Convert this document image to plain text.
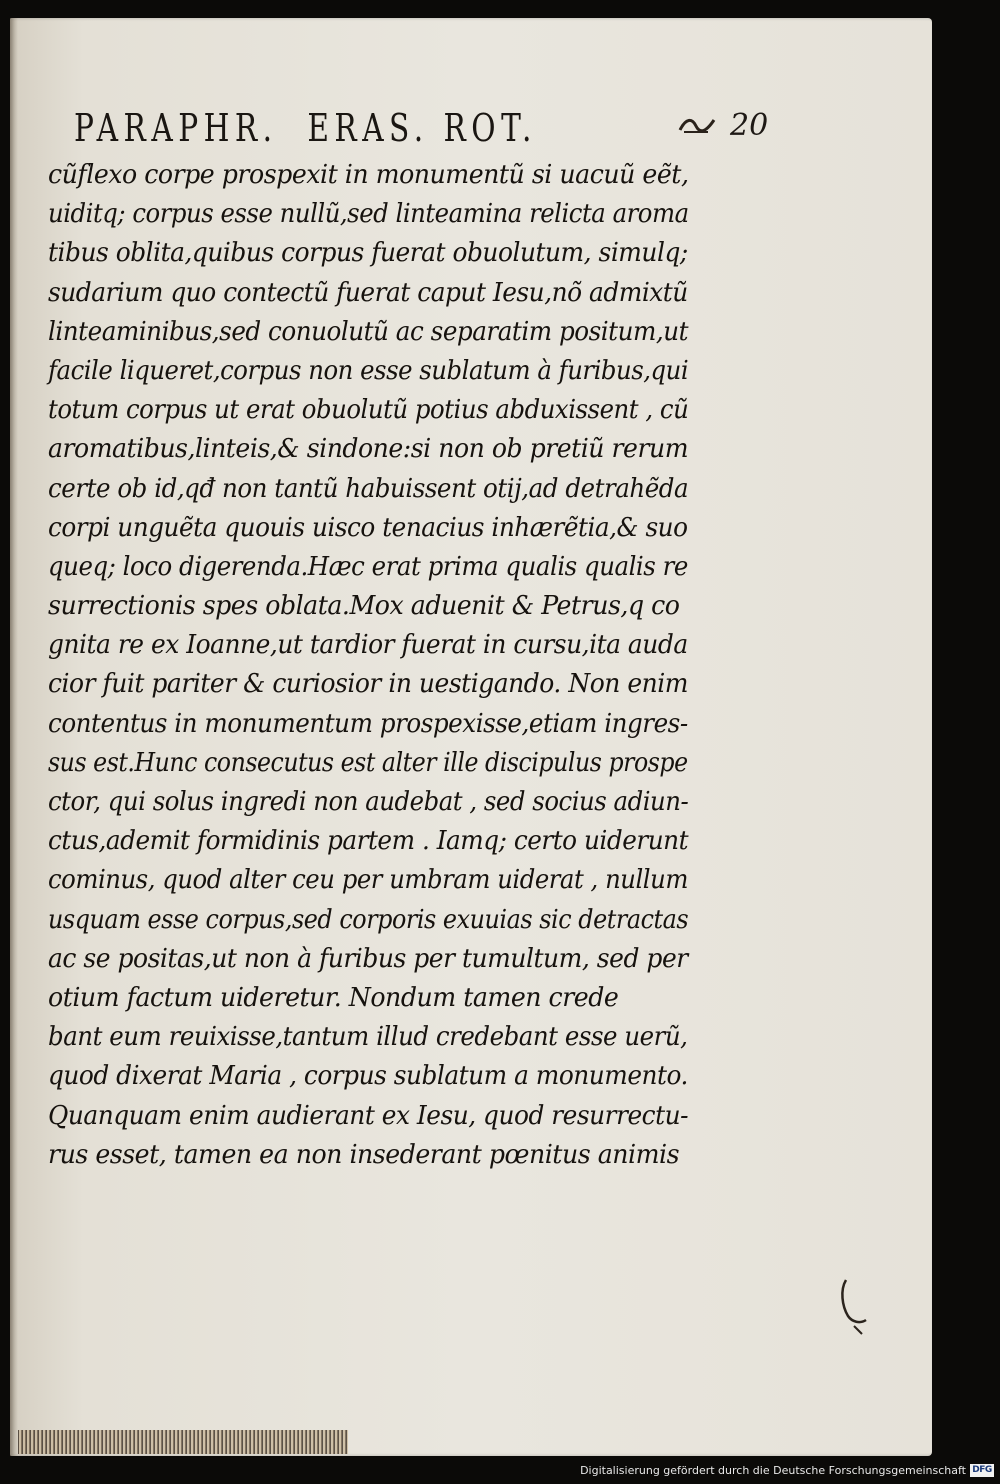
PARAPHR.  ERAS. ROT.	20
cũflexo corpe prospexit in monumentũ si uacuũ eẽt,
uiditq; corpus esse nullũ,sed linteamina relicta aroma
tibus oblita,quibus corpus fuerat obuolutum, simulq;
sudarium quo contectũ fuerat caput Iesu,nõ admixtũ
linteaminibus,sed conuolutũ ac separatim positum,ut
facile liqueret,corpus non esse sublatum à furibus,qui
totum corpus ut erat obuolutũ potius abduxissent , cũ
aromatibus,linteis,& sindone:si non ob pretiũ rerum
certe ob id,qđ non tantũ habuissent otij,ad detrahẽda
corpi unguẽta quouis uisco tenacius inhærẽtia,& suo
queq; loco digerenda.Hæc erat prima qualis qualis re
surrectionis spes oblata.Mox aduenit & Petrus,q co
gnita re ex Ioanne,ut tardior fuerat in cursu,ita auda
cior fuit pariter & curiosior in uestigando. Non enim
contentus in monumentum prospexisse,etiam ingres-
sus est.Hunc consecutus est alter ille discipulus prospe
ctor, qui solus ingredi non audebat , sed socius adiun-
ctus,ademit formidinis partem . Iamq; certo uiderunt
cominus, quod alter ceu per umbram uiderat , nullum
usquam esse corpus,sed corporis exuuias sic detractas
ac se positas,ut non à furibus per tumultum, sed per
otium factum uideretur. Nondum tamen crede
bant eum reuixisse,tantum illud credebant esse uerũ,
quod dixerat Maria , corpus sublatum a monumento.
Quanquam enim audierant ex Iesu, quod resurrectu-
rus esset, tamen ea non insederant pœnitus animis
Digitalisierung gefördert durch die Deutsche Forschungsgemeinschaft DFG
